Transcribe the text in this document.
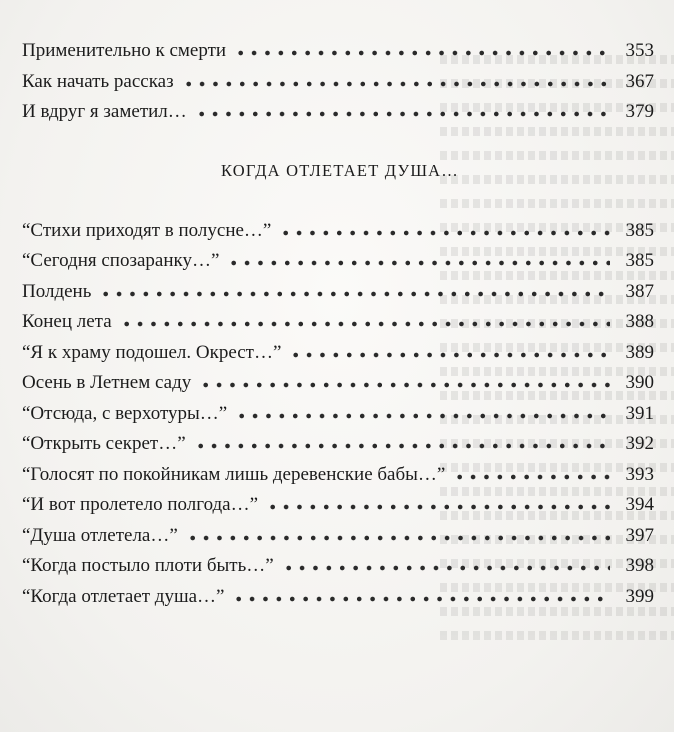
Применительно к смерти	353
Как начать рассказ	367
И вдруг я заметил…	379
КОГДА ОТЛЕТАЕТ ДУША…
“Стихи приходят в полусне…”	385
“Сегодня спозаранку…”	385
Полдень	387
Конец лета	388
“Я к храму подошел. Окрест…”	389
Осень в Летнем саду	390
“Отсюда, с верхотуры…”	391
“Открыть секрет…”	392
“Голосят по покойникам лишь деревенские бабы…”	393
“И вот пролетело полгода…”	394
“Душа отлетела…”	397
“Когда постыло плоти быть…”	398
“Когда отлетает душа…”	399
